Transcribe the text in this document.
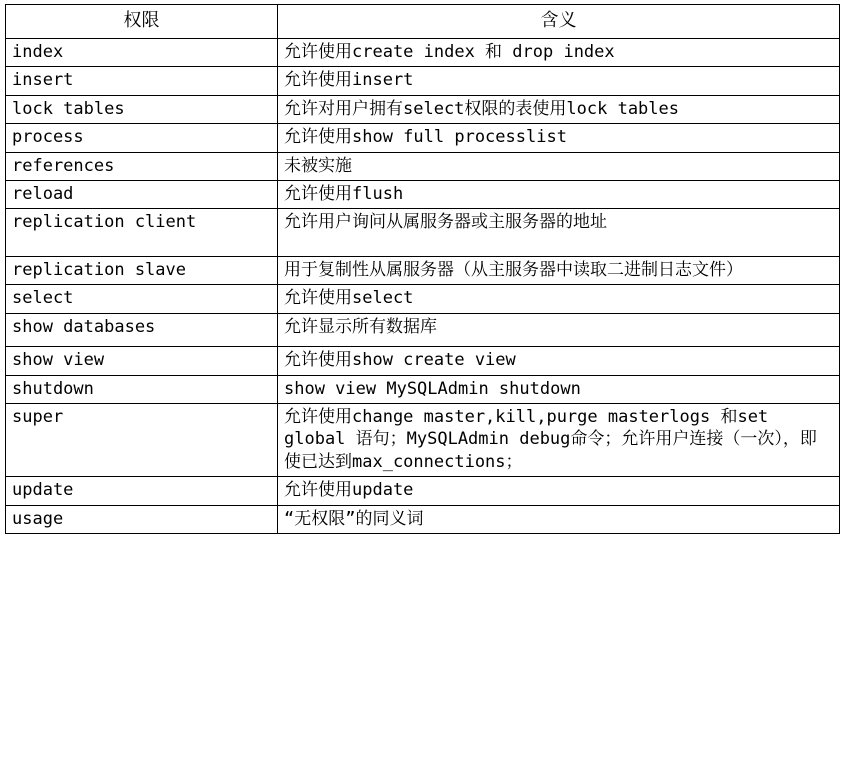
权限	含义

index	允许使用create index 和 drop index

insert	允许使用insert

lock tables	允许对用户拥有select权限的表使用lock tables

process	允许使用show full processlist

references	未被实施

reload	允许使用flush

replication client	允许用户询问从属服务器或主服务器的地址

replication slave	用于复制性从属服务器（从主服务器中读取二进制日志文件）

select	允许使用select

show databases	允许显示所有数据库

show view	允许使用show create view

shutdown	show view MySQLAdmin shutdown

super	允许使用change master,kill,purge masterlogs 和set global 语句；MySQLAdmin debug命令；允许用户连接（一次），即使已达到max_connections；

update	允许使用update

usage	“无权限”的同义词
